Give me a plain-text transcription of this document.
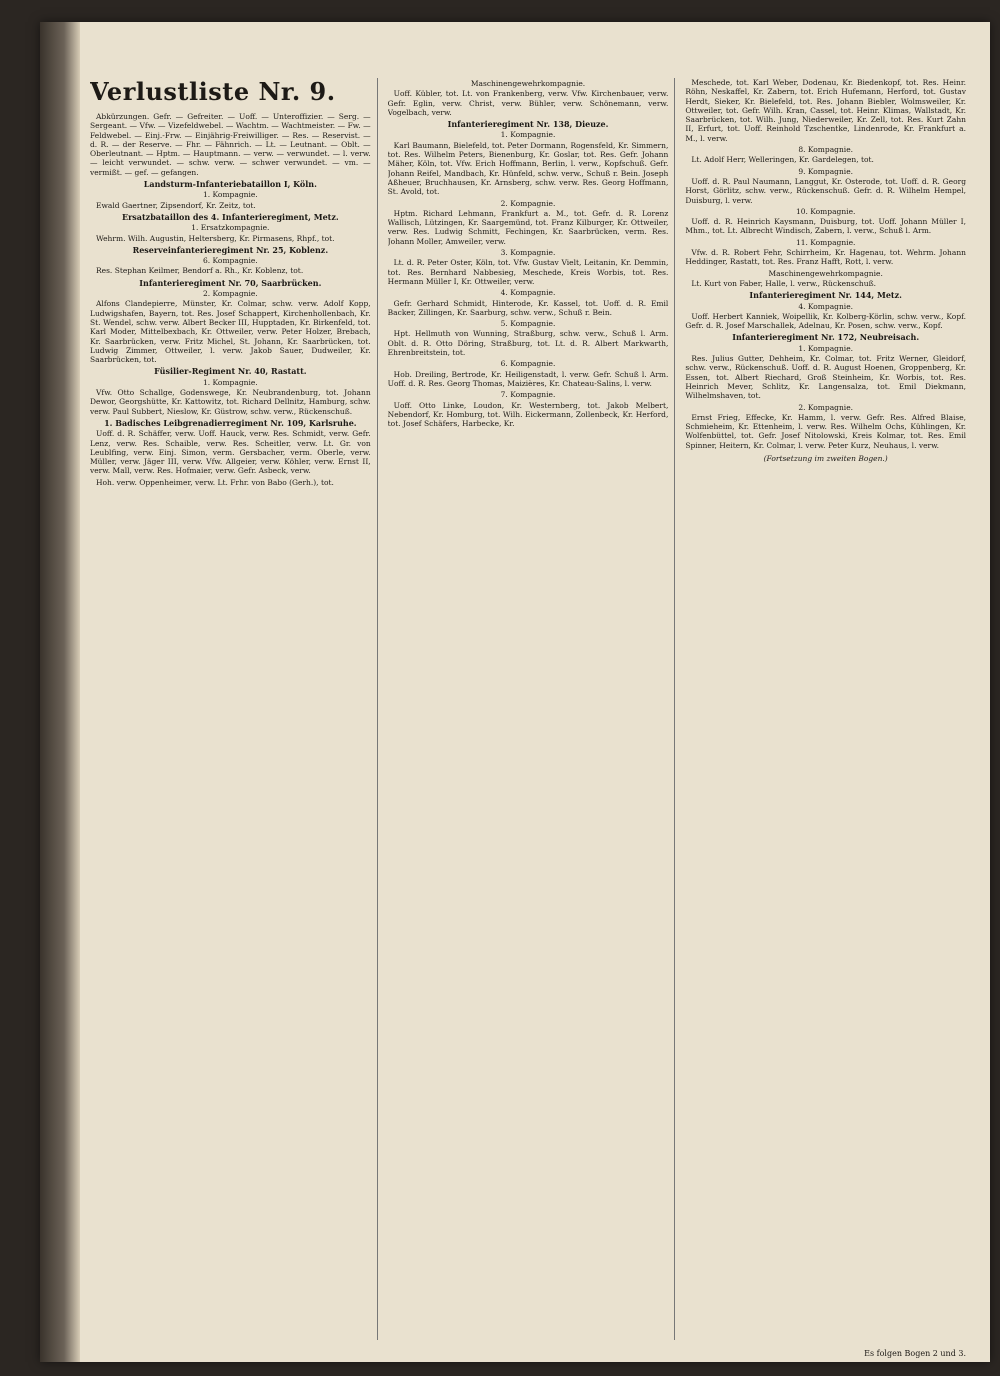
Verlustliste Nr. 9.

Abkürzungen. Gefr. — Gefreiter. — Uoff. — Unteroffizier. — Serg. — Sergeant. — Vfw. — Vizefeldwebel. — Wachtm. — Wachtmeister. — Fw. — Feldwebel. — Einj.-Frw. — Einjährig-Freiwilliger. — Res. — Reservist. — d. R. — der Reserve. — Fhr. — Fähnrich. — Lt. — Leutnant. — Oblt. — Oberleutnant. — Hptm. — Hauptmann. — verw. — verwundet. — l. verw. — leicht verwundet. — schw. verw. — schwer verwundet. — vm. — vermißt. — gef. — gefangen.

Landsturm-Infanteriebataillon I, Köln.
1. Kompagnie.

Ewald Gaertner, Zipsendorf, Kr. Zeitz, tot.

Ersatzbataillon des 4. Infanterieregiment, Metz.
1. Ersatzkompagnie.

Wehrm. Wilh. Augustin, Heltersberg, Kr. Pirmasens, Rhpf., tot.

Reserveinfanterieregiment Nr. 25, Koblenz.
6. Kompagnie.

Res. Stephan Keilmer, Bendorf a. Rh., Kr. Koblenz, tot.

Infanterieregiment Nr. 70, Saarbrücken.
2. Kompagnie.

Alfons Clandepierre, Münster, Kr. Colmar, schw. verw. Adolf Kopp, Ludwigshafen, Bayern, tot. Res. Josef Schappert, Kirchenhollenbach, Kr. St. Wendel, schw. verw. Albert Becker III, Hupptaden, Kr. Birkenfeld, tot. Karl Moder, Mittelbexbach, Kr. Ottweiler, verw. Peter Holzer, Brebach, Kr. Saarbrücken, verw. Fritz Michel, St. Johann, Kr. Saarbrücken, tot. Ludwig Zimmer, Ottweiler, l. verw. Jakob Sauer, Dudweiler, Kr. Saarbrücken, tot.

Füsilier-Regiment Nr. 40, Rastatt.
1. Kompagnie.

Vfw. Otto Schallge, Godenswege, Kr. Neubrandenburg, tot. Johann Dewor, Georgshütte, Kr. Kattowitz, tot. Richard Dellnitz, Hamburg, schw. verw. Paul Subbert, Nieslow, Kr. Güstrow, schw. verw., Rückenschuß.

1. Badisches Leibgrenadierregiment Nr. 109, Karlsruhe.

Uoff. d. R. Schäffer, verw. Uoff. Hauck, verw. Res. Schmidt, verw. Gefr. Lenz, verw. Res. Schaible, verw. Res. Scheitler, verw. Lt. Gr. von Leublfing, verw. Einj. Simon, verm. Gersbacher, verm. Oberle, verw. Müller, verw. Jäger III, verw. Vfw. Allgeier, verw. Köhler, verw. Ernst II, verw. Mall, verw. Res. Hofmaier, verw. Gefr. Asbeck, verw.

Hoh. verw. Oppenheimer, verw. Lt. Frhr. von Babo (Gerh.), tot.

Maschinengewehrkompagnie.

Uoff. Kübler, tot. Lt. von Frankenberg, verw. Vfw. Kirchenbauer, verw. Gefr. Eglin, verw. Christ, verw. Bühler, verw. Schönemann, verw. Vogelbach, verw.

Infanterieregiment Nr. 138, Dieuze.
1. Kompagnie.

Karl Baumann, Bielefeld, tot. Peter Dormann, Rogensfeld, Kr. Simmern, tot. Res. Wilhelm Peters, Bienenburg, Kr. Goslar, tot. Res. Gefr. Johann Mäher, Köln, tot. Vfw. Erich Hoffmann, Berlin, l. verw., Kopfschuß. Gefr. Johann Reifel, Mandbach, Kr. Hünfeld, schw. verw., Schuß r. Bein. Joseph Aßheuer, Bruchhausen, Kr. Arnsberg, schw. verw. Res. Georg Hoffmann, St. Avold, tot.

2. Kompagnie.

Hptm. Richard Lehmann, Frankfurt a. M., tot. Gefr. d. R. Lorenz Wallisch, Lützingen, Kr. Saargemünd, tot. Franz Kilburger, Kr. Ottweiler, verw. Res. Ludwig Schmitt, Fechingen, Kr. Saarbrücken, verm. Res. Johann Moller, Amweiler, verw.

3. Kompagnie.

Lt. d. R. Peter Oster, Köln, tot. Vfw. Gustav Vielt, Leitanin, Kr. Demmin, tot. Res. Bernhard Nabbesieg, Meschede, Kreis Worbis, tot. Res. Hermann Müller I, Kr. Ottweiler, verw.

4. Kompagnie.

Gefr. Gerhard Schmidt, Hinterode, Kr. Kassel, tot. Uoff. d. R. Emil Backer, Zillingen, Kr. Saarburg, schw. verw., Schuß r. Bein.

5. Kompagnie.

Hpt. Hellmuth von Wunning, Straßburg, schw. verw., Schuß l. Arm. Oblt. d. R. Otto Döring, Straßburg, tot. Lt. d. R. Albert Markwarth, Ehrenbreitstein, tot.

6. Kompagnie.

Hob. Dreiling, Bertrode, Kr. Heiligenstadt, l. verw. Gefr. Schuß l. Arm. Uoff. d. R. Res. Georg Thomas, Maizières, Kr. Chateau-Salins, l. verw.

7. Kompagnie.

Uoff. Otto Linke, Loudon, Kr. Westernberg, tot. Jakob Melbert, Nebendorf, Kr. Homburg, tot. Wilh. Eickermann, Zollenbeck, Kr. Herford, tot. Josef Schäfers, Harbecke, Kr.

Meschede, tot. Karl Weber, Dodenau, Kr. Biedenkopf, tot. Res. Heinr. Röhn, Neskaffel, Kr. Zabern, tot. Erich Hufemann, Herford, tot. Gustav Herdt, Sieker, Kr. Bielefeld, tot. Res. Johann Biebler, Wolmsweiler, Kr. Ottweiler, tot. Gefr. Wilh. Kran, Cassel, tot. Heinr. Klimas, Wallstadt, Kr. Saarbrücken, tot. Wilh. Jung, Niederweiler, Kr. Zell, tot. Res. Kurt Zahn II, Erfurt, tot. Uoff. Reinhold Tzschentke, Lindenrode, Kr. Frankfurt a. M., l. verw.

8. Kompagnie.

Lt. Adolf Herr, Welleringen, Kr. Gardelegen, tot.

9. Kompagnie.

Uoff. d. R. Paul Naumann, Langgut, Kr. Osterode, tot. Uoff. d. R. Georg Horst, Görlitz, schw. verw., Rückenschuß. Gefr. d. R. Wilhelm Hempel, Duisburg, l. verw.

10. Kompagnie.

Uoff. d. R. Heinrich Kaysmann, Duisburg, tot. Uoff. Johann Müller I, Mhm., tot. Lt. Albrecht Windisch, Zabern, l. verw., Schuß l. Arm.

11. Kompagnie.

Vfw. d. R. Robert Fehr, Schirrheim, Kr. Hagenau, tot. Wehrm. Johann Heddinger, Rastatt, tot. Res. Franz Hafft, Rott, l. verw.

Maschinengewehrkompagnie.

Lt. Kurt von Faber, Halle, l. verw., Rückenschuß.

Infanterieregiment Nr. 144, Metz.
4. Kompagnie.

Uoff. Herbert Kanniek, Woipellik, Kr. Kolberg-Körlin, schw. verw., Kopf. Gefr. d. R. Josef Marschallek, Adelnau, Kr. Posen, schw. verw., Kopf.

Infanterieregiment Nr. 172, Neubreisach.
1. Kompagnie.

Res. Julius Gutter, Dehheim, Kr. Colmar, tot. Fritz Werner, Gleidorf, schw. verw., Rückenschuß. Uoff. d. R. August Hoenen, Groppenberg, Kr. Essen, tot. Albert Riechard, Groß Steinheim, Kr. Worbis, tot. Res. Heinrich Mever, Schlitz, Kr. Langensalza, tot. Emil Diekmann, Wilhelmshaven, tot.

2. Kompagnie.

Ernst Frieg, Effecke, Kr. Hamm, l. verw. Gefr. Res. Alfred Blaise, Schmieheim, Kr. Ettenheim, l. verw. Res. Wilhelm Ochs, Kühlingen, Kr. Wolfenbüttel, tot. Gefr. Josef Nitolowski, Kreis Kolmar, tot. Res. Emil Spinner, Heitern, Kr. Colmar, l. verw. Peter Kurz, Neuhaus, l. verw.

(Fortsetzung im zweiten Bogen.)
Es folgen Bogen 2 und 3.
